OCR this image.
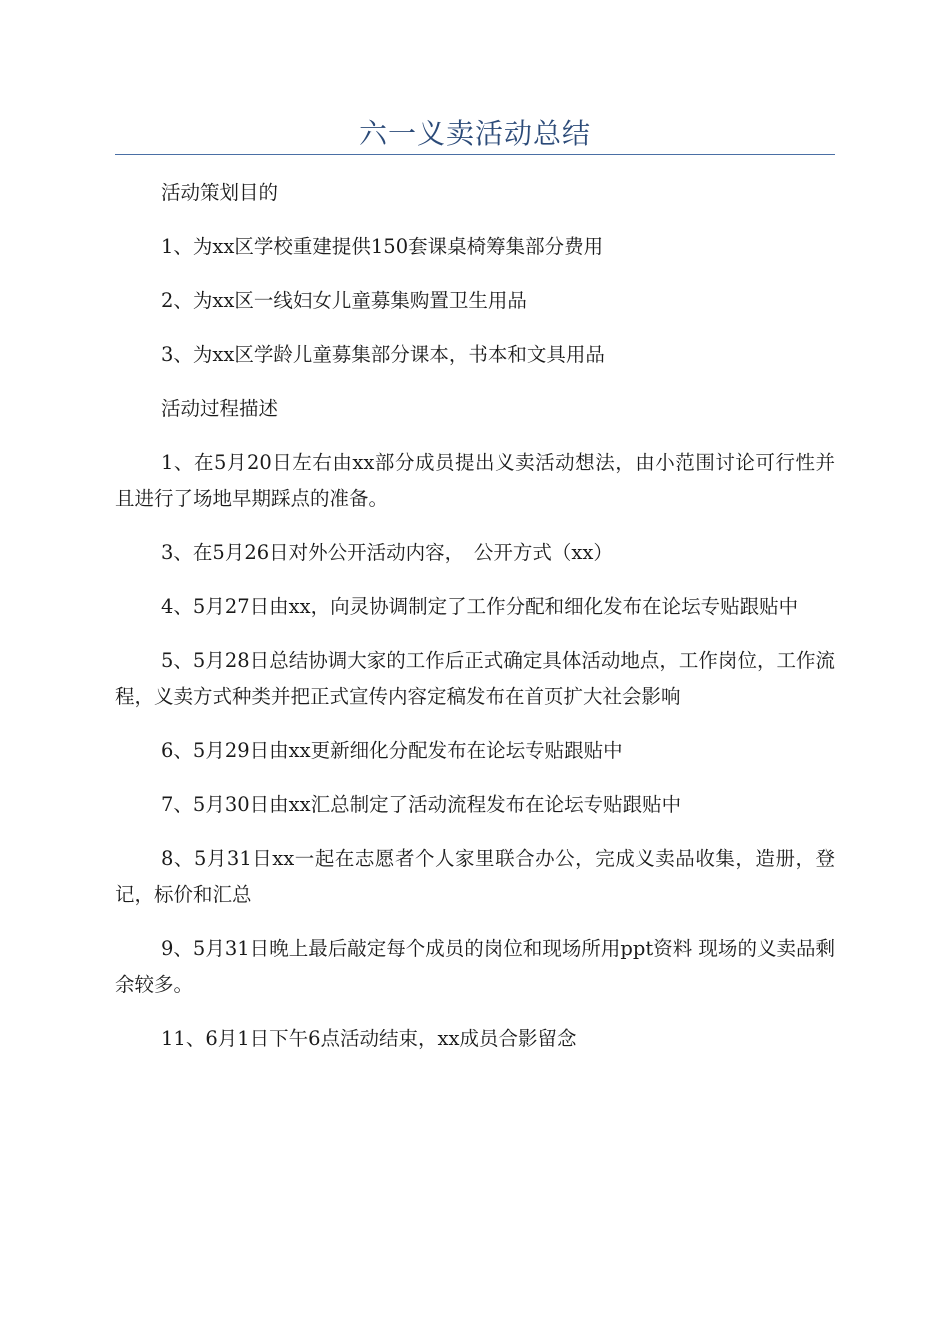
六一义卖活动总结

活动策划目的

1、为xx区学校重建提供150套课桌椅筹集部分费用

2、为xx区一线妇女儿童募集购置卫生用品

3、为xx区学龄儿童募集部分课本，书本和文具用品

活动过程描述

1、在5月20日左右由xx部分成员提出义卖活动想法，由小范围讨论可行性并且进行了场地早期踩点的准备。

3、在5月26日对外公开活动内容，　公开方式（xx）

4、5月27日由xx，向灵协调制定了工作分配和细化发布在论坛专贴跟贴中

5、5月28日总结协调大家的工作后正式确定具体活动地点，工作岗位，工作流程，义卖方式种类并把正式宣传内容定稿发布在首页扩大社会影响

6、5月29日由xx更新细化分配发布在论坛专贴跟贴中

7、5月30日由xx汇总制定了活动流程发布在论坛专贴跟贴中

8、5月31日xx一起在志愿者个人家里联合办公，完成义卖品收集，造册，登记，标价和汇总

9、5月31日晚上最后敲定每个成员的岗位和现场所用ppt资料 现场的义卖品剩余较多。

11、6月1日下午6点活动结束，xx成员合影留念
